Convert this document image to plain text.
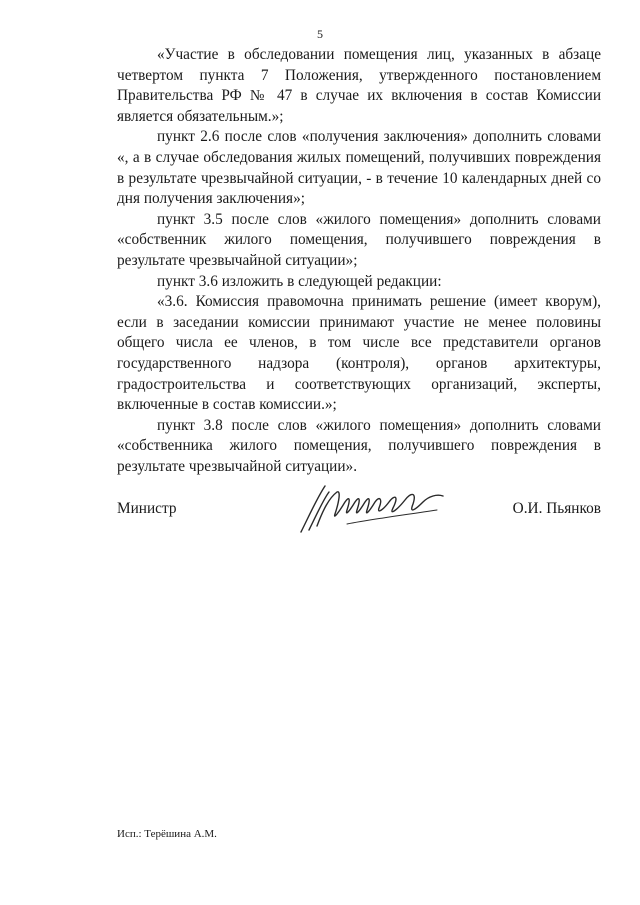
5

«Участие в обследовании помещения лиц, указанных в абзаце четвертом пункта 7 Положения, утвержденного постановлением Правительства РФ № 47 в случае их включения в состав Комиссии является обязательным.»;

пункт 2.6 после слов «получения заключения» дополнить словами «, а в случае обследования жилых помещений, получивших повреждения в результате чрезвычайной ситуации, - в течение 10 календарных дней со дня получения заключения»;

пункт 3.5 после слов «жилого помещения» дополнить словами «собственник жилого помещения, получившего повреждения в результате чрезвычайной ситуации»;

пункт 3.6 изложить в следующей редакции:

«3.6. Комиссия правомочна принимать решение (имеет кворум), если в заседании комиссии принимают участие не менее половины общего числа ее членов, в том числе все представители органов государственного надзора (контроля), органов архитектуры, градостроительства и соответствующих организаций, эксперты, включенные в состав комиссии.»;

пункт 3.8 после слов «жилого помещения» дополнить словами «собственника жилого помещения, получившего повреждения в результате чрезвычайной ситуации».

Министр	О.И. Пьянков
Исп.: Терёшина А.М.
